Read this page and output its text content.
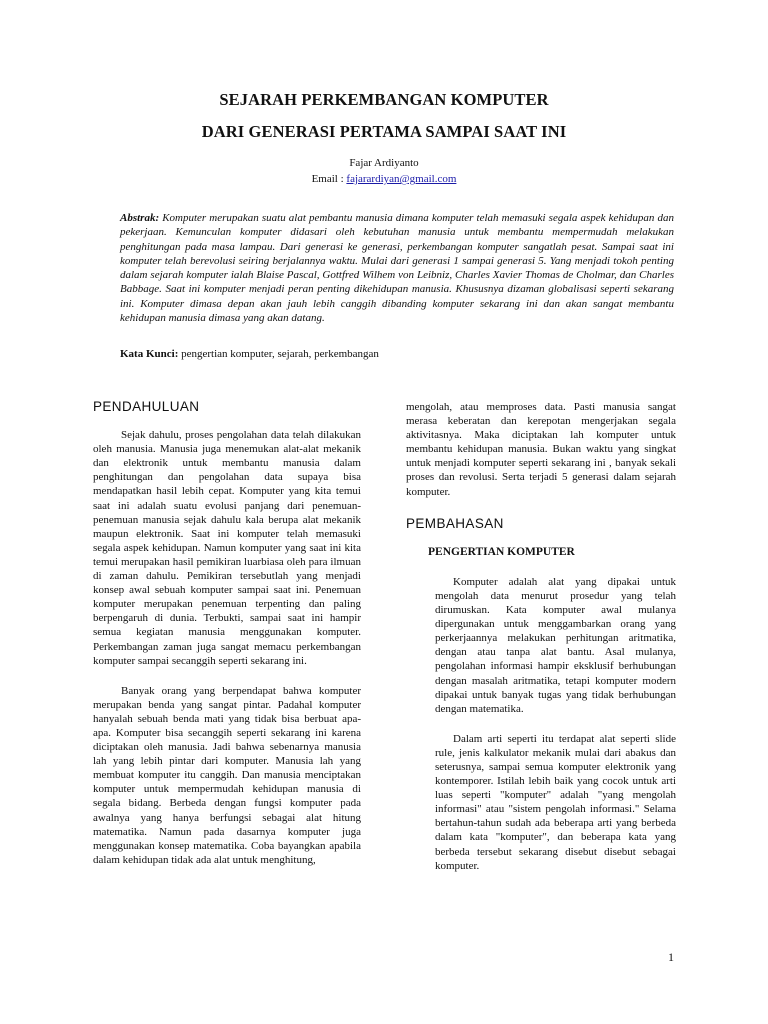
SEJARAH PERKEMBANGAN KOMPUTER
DARI GENERASI PERTAMA SAMPAI SAAT INI
Fajar Ardiyanto
Email : fajarardiyan@gmail.com
Abstrak: Komputer merupakan suatu alat pembantu manusia dimana komputer telah memasuki segala aspek kehidupan dan pekerjaan. Kemunculan komputer didasari oleh kebutuhan manusia untuk membantu mempermudah melakukan penghitungan pada masa lampau. Dari generasi ke generasi, perkembangan komputer sangatlah pesat. Sampai saat ini komputer telah berevolusi seiring berjalannya waktu. Mulai dari generasi 1 sampai generasi 5. Yang menjadi tokoh penting dalam sejarah komputer ialah Blaise Pascal, Gottfred Wilhem von Leibniz, Charles Xavier Thomas de Cholmar, dan Charles Babbage. Saat ini komputer menjadi peran penting dikehidupan manusia. Khususnya dizaman globalisasi seperti sekarang ini. Komputer dimasa depan akan jauh lebih canggih dibanding komputer sekarang ini dan akan sangat membantu kehidupan manusia dimasa yang akan datang.
Kata Kunci: pengertian komputer, sejarah, perkembangan
PENDAHULUAN

Sejak dahulu, proses pengolahan data telah dilakukan oleh manusia. Manusia juga menemukan alat-alat mekanik dan elektronik untuk membantu manusia dalam penghitungan dan pengolahan data supaya bisa mendapatkan hasil lebih cepat. Komputer yang kita temui saat ini adalah suatu evolusi panjang dari penemuan-penemuan manusia sejak dahulu kala berupa alat mekanik maupun elektronik. Saat ini komputer telah memasuki segala aspek kehidupan. Namun komputer yang saat ini kita temui merupakan hasil pemikiran luarbiasa oleh para ilmuan di zaman dahulu. Pemikiran tersebutlah yang menjadi konsep awal sebuah komputer sampai saat ini. Penemuan komputer merupakan penemuan terpenting dan paling berpengaruh di dunia. Terbukti, sampai saat ini hampir semua kegiatan manusia menggunakan komputer. Perkembangan zaman juga sangat memacu perkembangan komputer sampai secanggih seperti sekarang ini.

Banyak orang yang berpendapat bahwa komputer merupakan benda yang sangat pintar. Padahal komputer hanyalah sebuah benda mati yang tidak bisa berbuat apa-apa. Komputer bisa secanggih seperti sekarang ini karena diciptakan oleh manusia. Jadi bahwa sebenarnya manusia lah yang lebih pintar dari komputer. Manusia lah yang membuat komputer itu canggih. Dan manusia menciptakan komputer untuk mempermudah kehidupan manusia di segala bidang. Berbeda dengan fungsi komputer pada awalnya yang hanya berfungsi sebagai alat hitung matematika. Namun pada dasarnya komputer juga menggunakan konsep matematika. Coba bayangkan apabila dalam kehidupan tidak ada alat untuk menghitung,

mengolah, atau memproses data. Pasti manusia sangat merasa keberatan dan kerepotan mengerjakan segala aktivitasnya. Maka diciptakan lah komputer untuk membantu kehidupan manusia. Bukan waktu yang singkat untuk menjadi komputer seperti sekarang ini , banyak sekali proses dan revolusi. Serta terjadi 5 generasi dalam sejarah komputer.

PEMBAHASAN
PENGERTIAN KOMPUTER

Komputer adalah alat yang dipakai untuk mengolah data menurut prosedur yang telah dirumuskan. Kata komputer awal mulanya dipergunakan untuk menggambarkan orang yang perkerjaannya melakukan perhitungan aritmatika, dengan atau tanpa alat bantu. Asal mulanya, pengolahan informasi hampir eksklusif berhubungan dengan masalah aritmatika, tetapi komputer modern dipakai untuk banyak tugas yang tidak berhubungan dengan matematika.

Dalam arti seperti itu terdapat alat seperti slide rule, jenis kalkulator mekanik mulai dari abakus dan seterusnya, sampai semua komputer elektronik yang kontemporer. Istilah lebih baik yang cocok untuk arti luas seperti "komputer" adalah "yang mengolah informasi" atau "sistem pengolah informasi." Selama bertahun-tahun sudah ada beberapa arti yang berbeda dalam kata "komputer", dan beberapa kata yang berbeda tersebut sekarang disebut disebut sebagai komputer.

1
